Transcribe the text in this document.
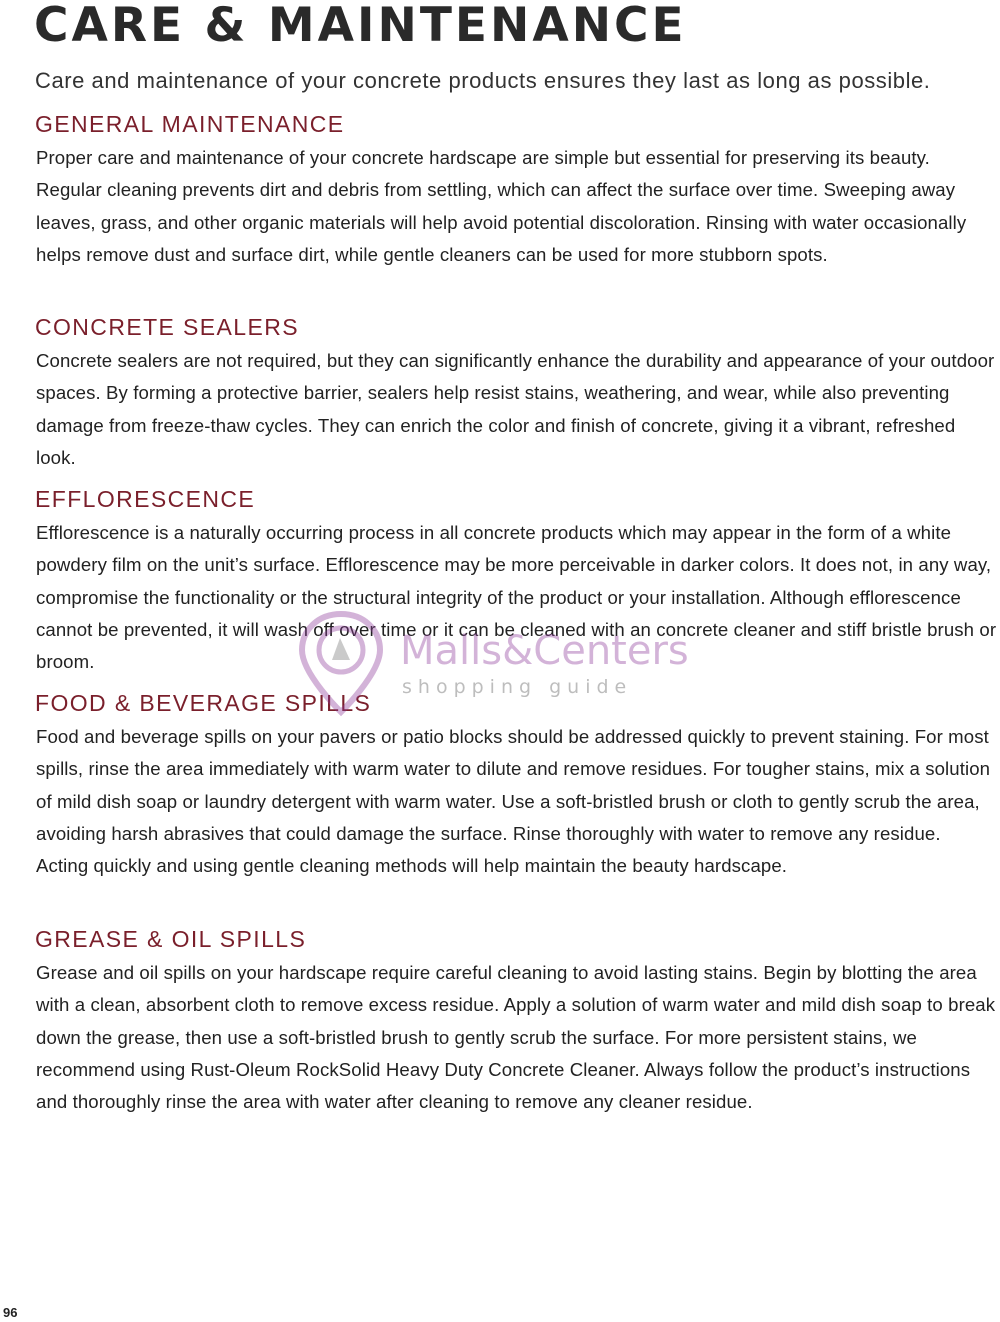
CARE & MAINTENANCE

Care and maintenance of your concrete products ensures they last as long as possible.

GENERAL MAINTENANCE

Proper care and maintenance of your concrete hardscape are simple but essential for preserving its beauty. Regular cleaning prevents dirt and debris from settling, which can affect the surface over time. Sweeping away leaves, grass, and other organic materials will help avoid potential discoloration. Rinsing with water occasionally helps remove dust and surface dirt, while gentle cleaners can be used for more stubborn spots.

CONCRETE SEALERS

Concrete sealers are not required, but they can significantly enhance the durability and appearance of your outdoor spaces. By forming a protective barrier, sealers help resist stains, weathering, and wear, while also preventing damage from freeze-thaw cycles. They can enrich the color and finish of concrete, giving it a vibrant, refreshed look.

EFFLORESCENCE

Efflorescence is a naturally occurring process in all concrete products which may appear in the form of a white powdery film on the unit’s surface. Efflorescence may be more perceivable in darker colors. It does not, in any way, compromise the functionality or the structural integrity of the product or your installation. Although efflorescence cannot be prevented, it will wash off over time or it can be cleaned with an concrete cleaner and stiff bristle brush or broom.

FOOD & BEVERAGE SPILLS

Food and beverage spills on your pavers or patio blocks should be addressed quickly to prevent staining. For most spills, rinse the area immediately with warm water to dilute and remove residues. For tougher stains, mix a solution of mild dish soap or laundry detergent with warm water. Use a soft-bristled brush or cloth to gently scrub the area, avoiding harsh abrasives that could damage the surface. Rinse thoroughly with water to remove any residue. Acting quickly and using gentle cleaning methods will help maintain the beauty hardscape.

GREASE & OIL SPILLS

Grease and oil spills on your hardscape require careful cleaning to avoid lasting stains. Begin by blotting the area with a clean, absorbent cloth to remove excess residue. Apply a solution of warm water and mild dish soap to break down the grease, then use a soft-bristled brush to gently scrub the surface. For more persistent stains, we recommend using Rust-Oleum RockSolid Heavy Duty Concrete Cleaner. Always follow the product’s instructions and thoroughly rinse the area with water after cleaning to remove any cleaner residue.

Malls&Centers
shopping guide
96
